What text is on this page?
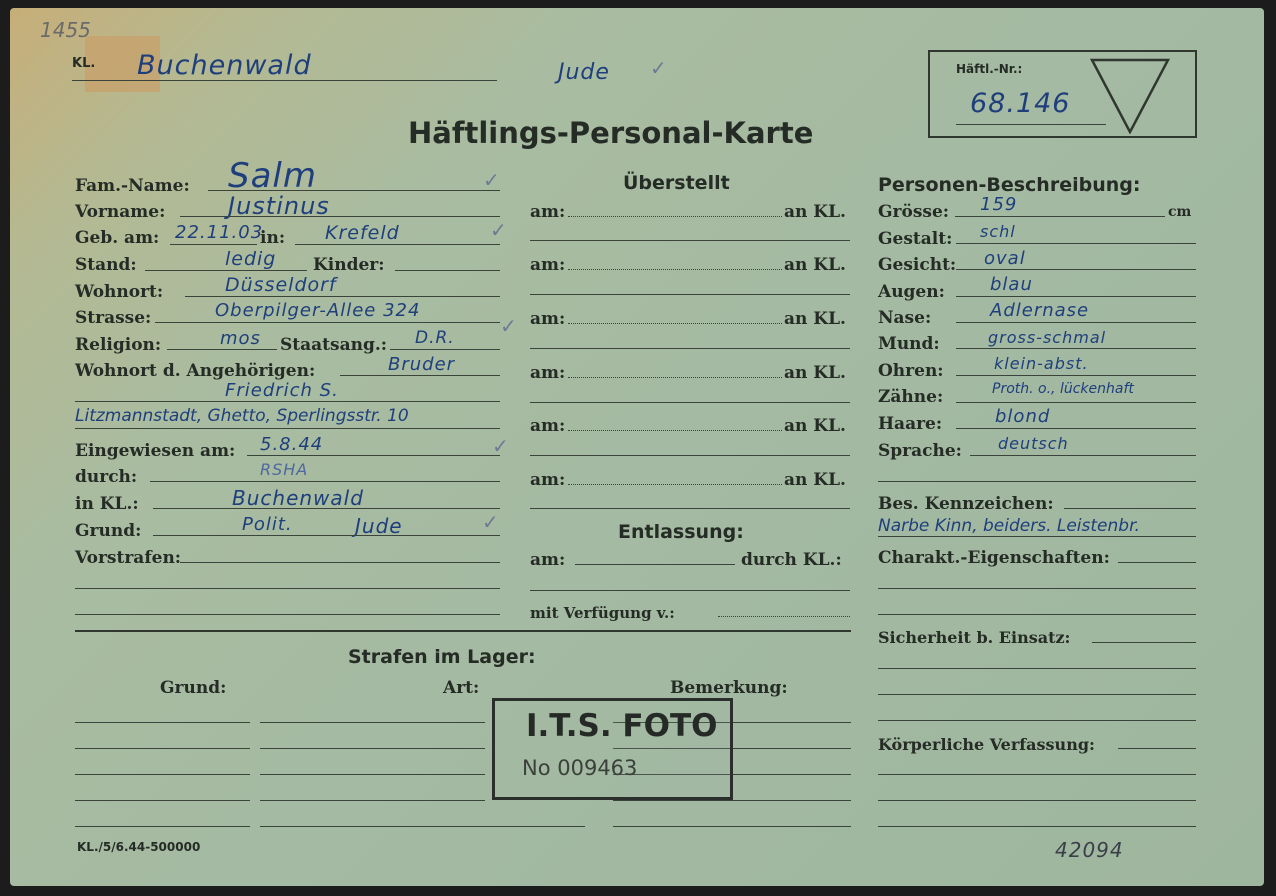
1455
KL. Buchenwald	Jude ✓	Häftl.-Nr.:
68.146
Häftlings-Personal-Karte
Fam.-Name: Salm	✓
Vorname:	Justinus
Geb. am: 22.11.03
in: Krefeld	✓
Stand:	ledig Kinder:
Wohnort:	Düsseldorf
Strasse:	Oberpilger-Allee 324
✓
Religion:	mos Staatsang.: D.R.
Wohnort d. Angehörigen:	Bruder
Friedrich S.
Litzmannstadt, Ghetto, Sperlingsstr. 10
Eingewiesen am: 5.8.44	✓
durch:	RSHA
in KL.:	Buchenwald
Grund:	Polit.	Jude	✓
Vorstrafen:
Überstellt
am:	an KL.
am:	an KL.
am:	an KL.
am:	an KL.
am:	an KL.
am:	an KL.
Entlassung:
am:	durch KL.:
mit Verfügung v.:
Strafen im Lager:
Grund:	Art:	Bemerkung:
I.T.S. FOTO
No 009463
KL./5/6.44-500000	42094
Personen-Beschreibung:
Grösse: 159	cm
Gestalt: schl
Gesicht: oval
Augen:	blau
Nase:	Adlernase
Mund:	gross-schmal
Ohren:	klein-abst.
Zähne:	Proth. o., lückenhaft
Haare:	blond
Sprache: deutsch
Bes. Kennzeichen:
Narbe Kinn, beiders. Leistenbr.
Charakt.-Eigenschaften:
Sicherheit b. Einsatz:
Körperliche Verfassung:
